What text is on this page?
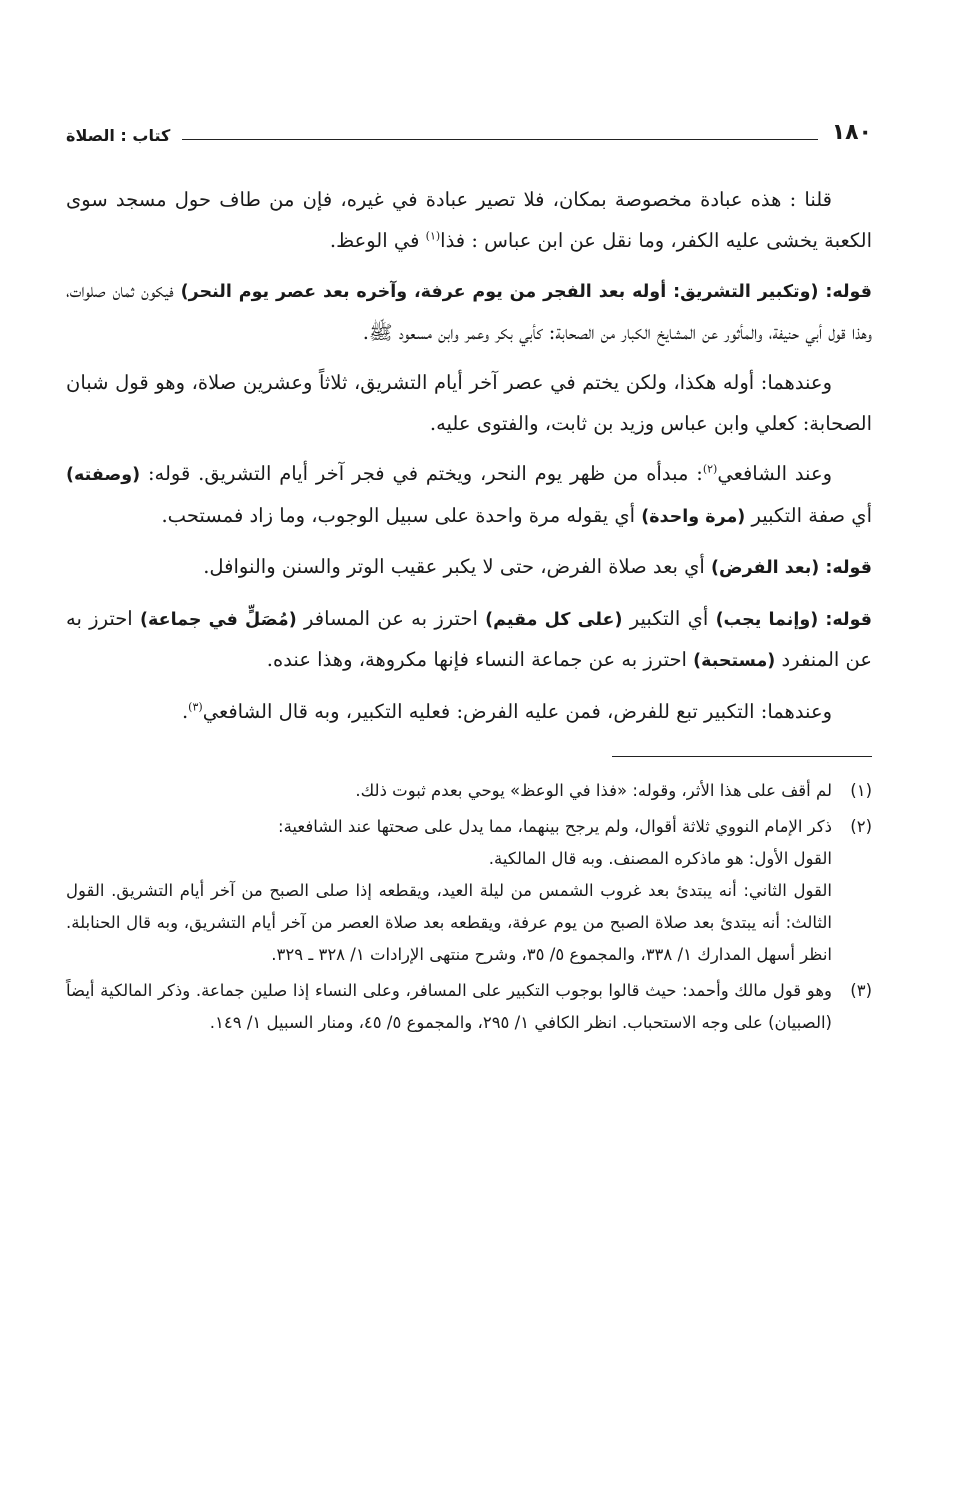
١٨٠
كتاب : الصلاة

قلنا : هذه عبادة مخصوصة بمكان، فلا تصير عبادة في غيره، فإن من طاف حول مسجد سوى الكعبة يخشى عليه الكفر، وما نقل عن ابن عباس : فذا$^{(١)}$ في الوعظ.

قوله: (وتكبير التشريق: أوله بعد الفجر من يوم عرفة، وآخره بعد عصر يوم النحر) فيكون ثمان صلوات، وهذا قول أبي حنيفة، والمأثور عن المشايخ الكبار من الصحابة: كأبي بكر وعمر وابن مسعود ﷺ.

وعندهما: أوله هكذا، ولكن يختم في عصر آخر أيام التشريق، ثلاثاً وعشرين صلاة، وهو قول شبان الصحابة: كعلي وابن عباس وزيد بن ثابت، والفتوى عليه.

وعند الشافعي$^{(٢)}$: مبدأه من ظهر يوم النحر، ويختم في فجر آخر أيام التشريق. قوله: (وصفته) أي صفة التكبير (مرة واحدة) أي يقوله مرة واحدة على سبيل الوجوب، وما زاد فمستحب.

قوله: (بعد الفرض) أي بعد صلاة الفرض، حتى لا يكبر عقيب الوتر والسنن والنوافل.

قوله: (وإنما يجب) أي التكبير (على كل مقيم) احترز به عن المسافر (مُصَلٍّ في جماعة) احترز به عن المنفرد (مستحبة) احترز به عن جماعة النساء فإنها مكروهة، وهذا عنده.

وعندهما: التكبير تبع للفرض، فمن عليه الفرض: فعليه التكبير، وبه قال الشافعي$^{(٣)}$.

(١)
لم أقف على هذا الأثر، وقوله: «فذا في الوعظ» يوحي بعدم ثبوت ذلك.
(٢)
ذكر الإمام النووي ثلاثة أقوال، ولم يرجح بينهما، مما يدل على صحتها عند الشافعية:
القول الأول: هو ماذكره المصنف. وبه قال المالكية.
القول الثاني: أنه يبتدئ بعد غروب الشمس من ليلة العيد، ويقطعه إذا صلى الصبح من آخر أيام التشريق. القول الثالث: أنه يبتدئ بعد صلاة الصبح من يوم عرفة، ويقطعه بعد صلاة العصر من آخر أيام التشريق، وبه قال الحنابلة. انظر أسهل المدارك ١/ ٣٣٨، والمجموع ٥/ ٣٥، وشرح منتهى الإرادات ١/ ٣٢٨ ـ ٣٢٩.
(٣)
وهو قول مالك وأحمد: حيث قالوا بوجوب التكبير على المسافر، وعلى النساء إذا صلين جماعة. وذكر المالكية أيضاً (الصبيان) على وجه الاستحباب. انظر الكافي ١/ ٢٩٥، والمجموع ٥/ ٤٥، ومنار السبيل ١/ ١٤٩.
